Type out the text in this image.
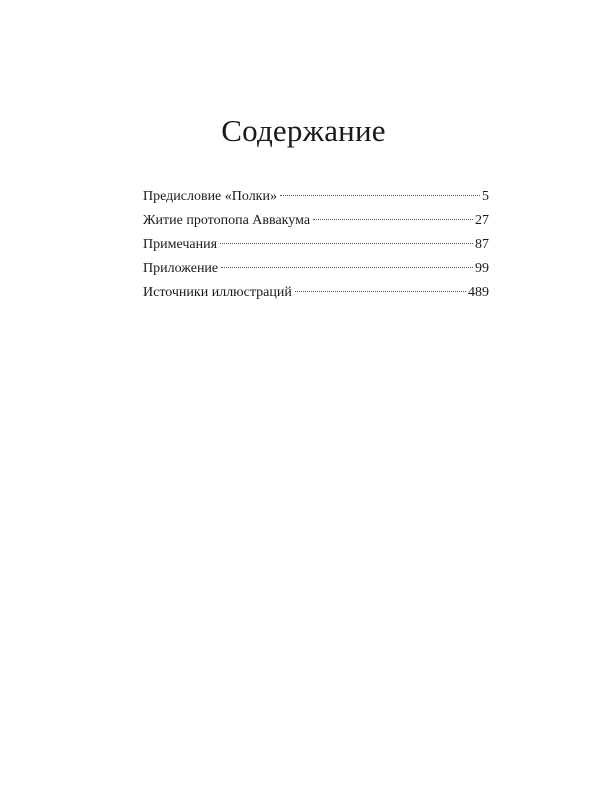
Содержание
Предисловие «Полки»	5
Житие протопопа Аввакума	27
Примечания	87
Приложение	99
Источники иллюстраций	489
